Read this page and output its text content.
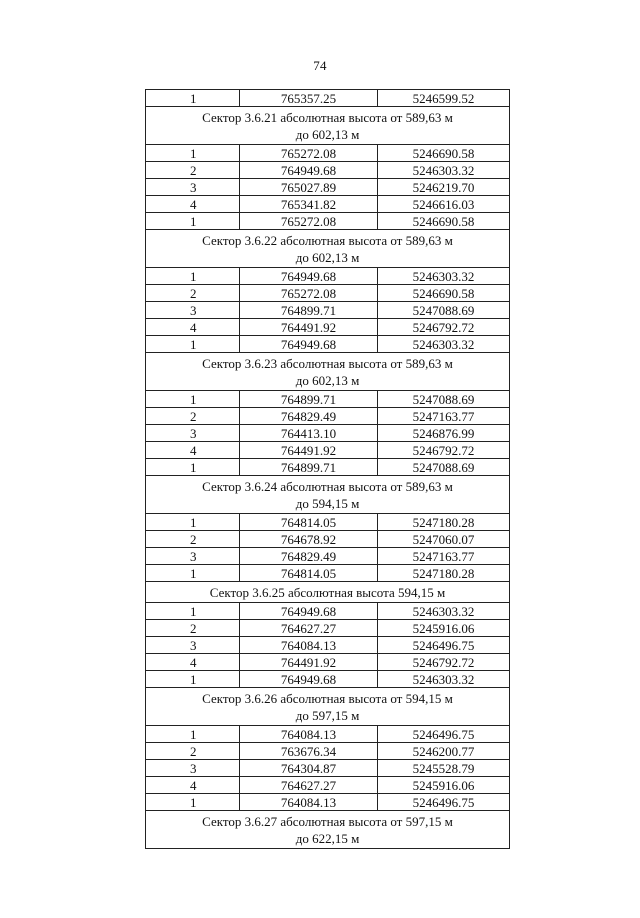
74
1	765357.25	5246599.52

Сектор 3.6.21 абсолютная высота от 589,63 м
до 602,13 м		

1	765272.08	5246690.58
2	764949.68	5246303.32
3	765027.89	5246219.70
4	765341.82	5246616.03
1	765272.08	5246690.58

Сектор 3.6.22 абсолютная высота от 589,63 м
до 602,13 м		

1	764949.68	5246303.32
2	765272.08	5246690.58
3	764899.71	5247088.69
4	764491.92	5246792.72
1	764949.68	5246303.32

Сектор 3.6.23 абсолютная высота от 589,63 м
до 602,13 м		

1	764899.71	5247088.69
2	764829.49	5247163.77
3	764413.10	5246876.99
4	764491.92	5246792.72
1	764899.71	5247088.69

Сектор 3.6.24 абсолютная высота от 589,63 м
до 594,15 м		

1	764814.05	5247180.28
2	764678.92	5247060.07
3	764829.49	5247163.77
1	764814.05	5247180.28

Сектор 3.6.25 абсолютная высота 594,15 м		

1	764949.68	5246303.32
2	764627.27	5245916.06
3	764084.13	5246496.75
4	764491.92	5246792.72
1	764949.68	5246303.32

Сектор 3.6.26 абсолютная высота от 594,15 м
до 597,15 м		

1	764084.13	5246496.75
2	763676.34	5246200.77
3	764304.87	5245528.79
4	764627.27	5245916.06
1	764084.13	5246496.75

Сектор 3.6.27 абсолютная высота от 597,15 м
до 622,15 м		
